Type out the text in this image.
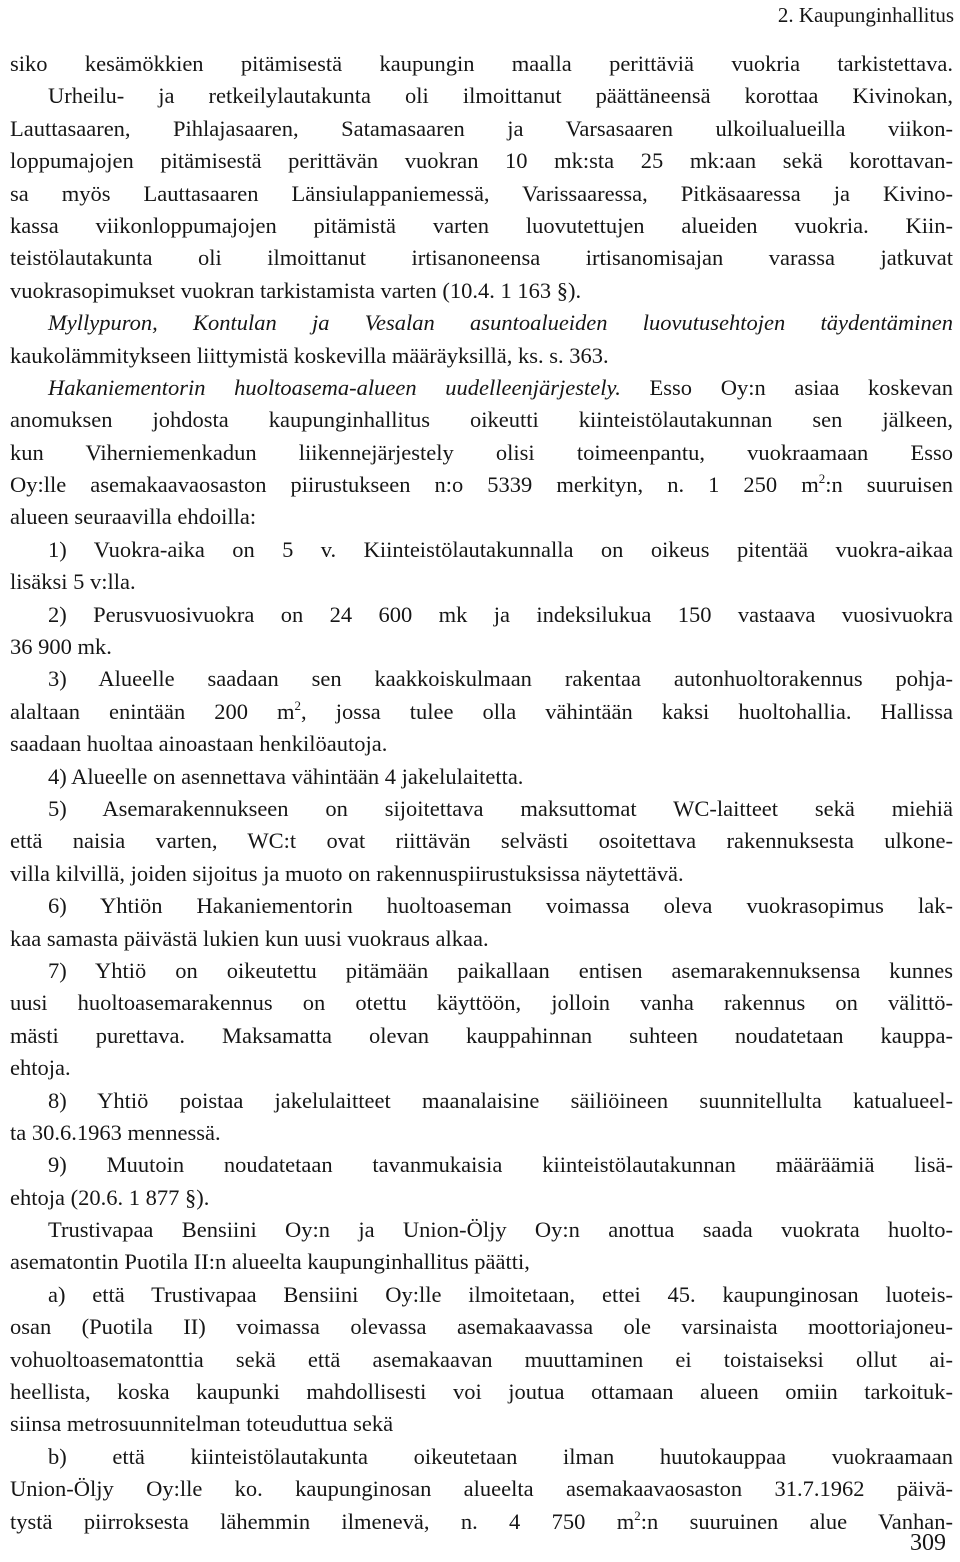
2. Kaupunginhallitus
siko kesämökkien pitämisestä kaupungin maalla perittäviä vuokria tarkistettava.
Urheilu- ja retkeilylautakunta oli ilmoittanut päättäneensä korottaa Kivinokan,
Lauttasaaren, Pihlajasaaren, Satamasaaren ja Varsasaaren ulkoilualueilla viikon-
loppumajojen pitämisestä perittävän vuokran 10 mk:sta 25 mk:aan sekä korottavan-
sa myös Lauttasaaren Länsiulappaniemessä, Varissaaressa, Pitkäsaaressa ja Kivino-
kassa viikonloppumajojen pitämistä varten luovutettujen alueiden vuokria. Kiin-
teistölautakunta oli ilmoittanut irtisanoneensa irtisanomisajan varassa jatkuvat
vuokrasopimukset vuokran tarkistamista varten (10.4. 1 163 §).
Myllypuron, Kontulan ja Vesalan asuntoalueiden luovutusehtojen täydentäminen
kaukolämmitykseen liittymistä koskevilla määräyksillä, ks. s. 363.
Hakaniementorin huoltoasema-alueen uudelleenjärjestely. Esso Oy:n asiaa koskevan
anomuksen johdosta kaupunginhallitus oikeutti kiinteistölautakunnan sen jälkeen,
kun Viherniemenkadun liikennejärjestely olisi toimeenpantu, vuokraamaan Esso
Oy:lle asemakaavaosaston piirustukseen n:o 5339 merkityn, n. 1 250 $m^2:n$ suuruisen
alueen seuraavilla ehdoilla:
1) Vuokra-aika on 5 v. Kiinteistölautakunnalla on oikeus pitentää vuokra-aikaa
lisäksi 5 v:lla.
2) Perusvuosivuokra on 24 600 mk ja indeksilukua 150 vastaava vuosivuokra
36 900 mk.
3) Alueelle saadaan sen kaakkoiskulmaan rakentaa autonhuoltorakennus pohja-
alaltaan enintään 200 $m^2$, jossa tulee olla vähintään kaksi huoltohallia. Hallissa
saadaan huoltaa ainoastaan henkilöautoja.
4) Alueelle on asennettava vähintään 4 jakelulaitetta.
5) Asemarakennukseen on sijoitettava maksuttomat WC-laitteet sekä miehiä
että naisia varten, WC:t ovat riittävän selvästi osoitettava rakennuksesta ulkone-
villa kilvillä, joiden sijoitus ja muoto on rakennuspiirustuksissa näytettävä.
6) Yhtiön Hakaniementorin huoltoaseman voimassa oleva vuokrasopimus lak-
kaa samasta päivästä lukien kun uusi vuokraus alkaa.
7) Yhtiö on oikeutettu pitämään paikallaan entisen asemarakennuksensa kunnes
uusi huoltoasemarakennus on otettu käyttöön, jolloin vanha rakennus on välittö-
mästi purettava. Maksamatta olevan kauppahinnan suhteen noudatetaan kauppa-
ehtoja.
8) Yhtiö poistaa jakelulaitteet maanalaisine säiliöineen suunnitellulta katualueel-
ta 30.6.1963 mennessä.
9) Muutoin noudatetaan tavanmukaisia kiinteistölautakunnan määräämiä lisä-
ehtoja (20.6. 1 877 §).
Trustivapaa Bensiini Oy:n ja Union-Öljy Oy:n anottua saada vuokrata huolto-
asematontin Puotila II:n alueelta kaupunginhallitus päätti,
a) että Trustivapaa Bensiini Oy:lle ilmoitetaan, ettei 45. kaupunginosan luoteis-
osan (Puotila II) voimassa olevassa asemakaavassa ole varsinaista moottoriajoneu-
vohuoltoasematonttia sekä että asemakaavan muuttaminen ei toistaiseksi ollut ai-
heellista, koska kaupunki mahdollisesti voi joutua ottamaan alueen omiin tarkoituk-
siinsa metrosuunnitelman toteuduttua sekä
b) että kiinteistölautakunta oikeutetaan ilman huutokauppaa vuokraamaan
Union-Öljy Oy:lle ko. kaupunginosan alueelta asemakaavaosaston 31.7.1962 päivä-
tystä piirroksesta lähemmin ilmenevä, n. 4 750 $m^2:n$ suuruinen alue Vanhan-
309
